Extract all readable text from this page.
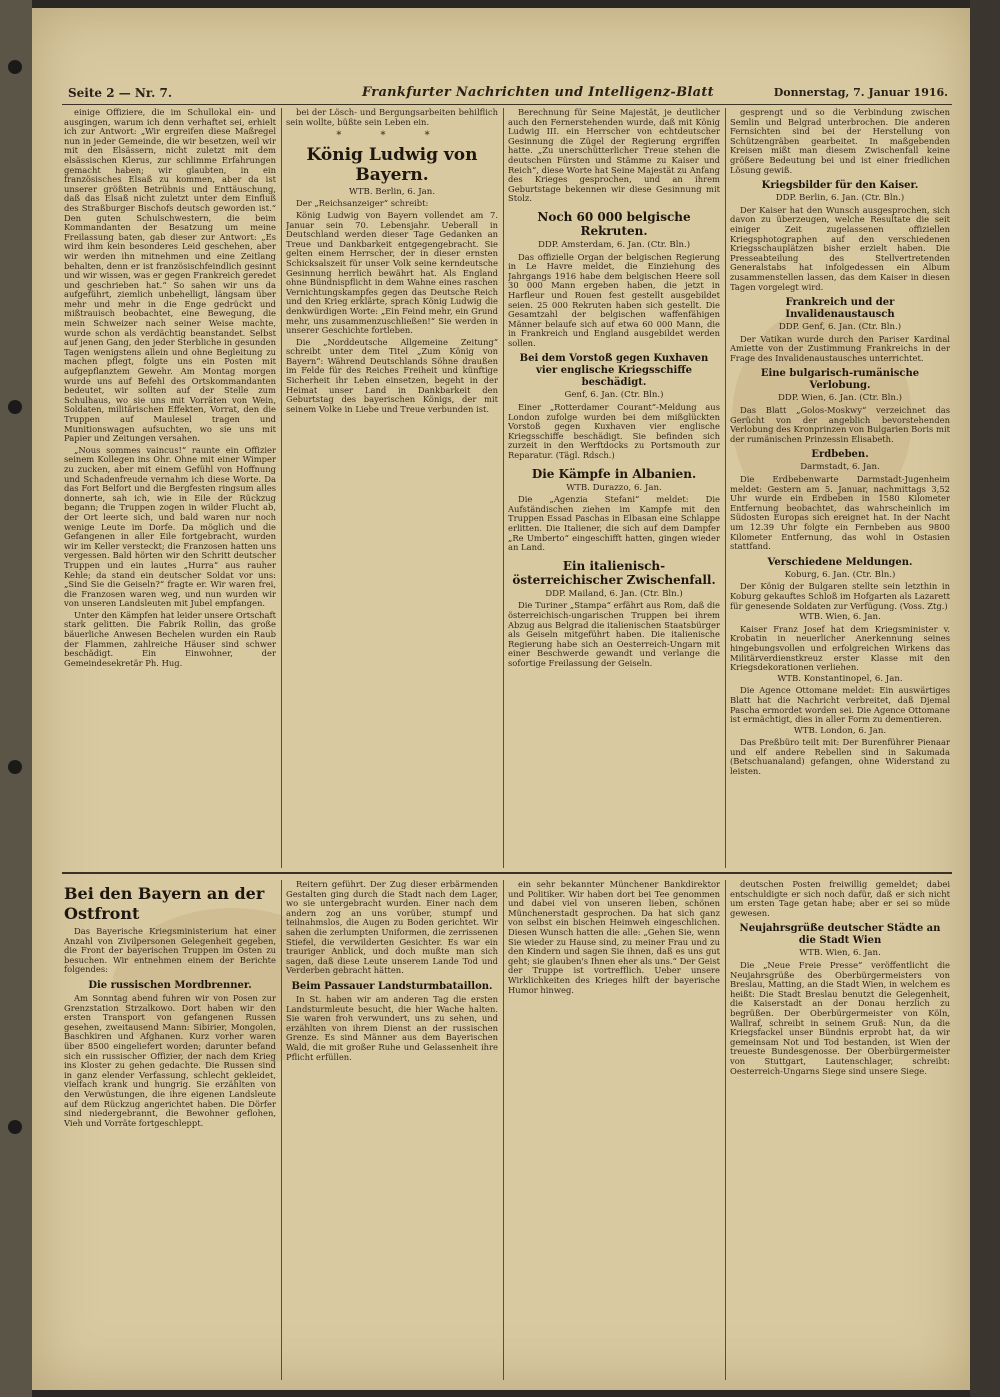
Seite 2 — Nr. 7.	Frankfurter Nachrichten und Intelligenz-Blatt	Donnerstag, 7. Januar 1916.

einige Offiziere, die im Schullokal ein- und ausgingen, warum ich denn verhaftet sei, erhielt ich zur Antwort: „Wir ergreifen diese Maßregel nun in jeder Gemeinde, die wir besetzen, weil wir mit den Elsässern, nicht zuletzt mit dem elsässischen Klerus, zur schlimme Erfahrungen gemacht haben; wir glaubten, in ein französisches Elsaß zu kommen, aber da ist unserer größten Betrübnis und Enttäuschung, daß das Elsaß nicht zuletzt unter dem Einfluß des Straßburger Bischofs deutsch geworden ist.“ Den guten Schulschwestern, die beim Kommandanten der Besatzung um meine Freilassung baten, gab dieser zur Antwort: „Es wird ihm kein besonderes Leid geschehen, aber wir werden ihn mitnehmen und eine Zeitlang behalten, denn er ist französischfeindlich gesinnt und wir wissen, was er gegen Frankreich geredet und geschrieben hat.“ So sahen wir uns da aufgeführt, ziemlich unbehelligt, längsam über mehr und mehr in die Enge gedrückt und mißtrauisch beobachtet, eine Bewegung, die mein Schweizer nach seiner Weise machte, wurde schon als verdächtig beanstandet. Selbst auf jenen Gang, den jeder Sterbliche in gesunden Tagen wenigstens allein und ohne Begleitung zu machen pflegt, folgte uns ein Posten mit aufgepflanztem Gewehr. Am Montag morgen wurde uns auf Befehl des Ortskommandanten bedeutet, wir sollten auf der Stelle zum Schulhaus, wo sie uns mit Vorräten von Wein, Soldaten, militärischen Effekten, Vorrat, den die Truppen auf Maulesel tragen und Munitionswagen aufsuchten, wo sie uns mit Papier und Zeitungen versahen.

„Nous sommes vaincus!“ raunte ein Offizier seinem Kollegen ins Ohr. Ohne mit einer Wimper zu zucken, aber mit einem Gefühl von Hoffnung und Schadenfreude vernahm ich diese Worte. Da das Fort Belfort und die Bergfesten ringsum alles donnerte, sah ich, wie in Eile der Rückzug begann; die Truppen zogen in wilder Flucht ab, der Ort leerte sich, und bald waren nur noch wenige Leute im Dorfe. Da möglich und die Gefangenen in aller Eile fortgebracht, wurden wir im Keller versteckt; die Franzosen hatten uns vergessen. Bald hörten wir den Schritt deutscher Truppen und ein lautes „Hurra“ aus rauher Kehle; da stand ein deutscher Soldat vor uns: „Sind Sie die Geiseln?“ fragte er. Wir waren frei, die Franzosen waren weg, und nun wurden wir von unseren Landsleuten mit Jubel empfangen.

Unter den Kämpfen hat leider unsere Ortschaft stark gelitten. Die Fabrik Rollin, das große bäuerliche Anwesen Bechelen wurden ein Raub der Flammen, zahlreiche Häuser sind schwer beschädigt. Ein Einwohner, der Gemeindesekretär Ph. Hug.

bei der Lösch- und Bergungsarbeiten behilflich sein wollte, büßte sein Leben ein.

* * *
König Ludwig von Bayern.
WTB. Berlin, 6. Jan.

Der „Reichsanzeiger“ schreibt:

König Ludwig von Bayern vollendet am 7. Januar sein 70. Lebensjahr. Ueberall in Deutschland werden dieser Tage Gedanken an Treue und Dankbarkeit entgegengebracht. Sie gelten einem Herrscher, der in dieser ernsten Schicksalszeit für unser Volk seine kerndeutsche Gesinnung herrlich bewährt hat. Als England ohne Bündnispflicht in dem Wahne eines raschen Vernichtungskampfes gegen das Deutsche Reich und den Krieg erklärte, sprach König Ludwig die denkwürdigen Worte: „Ein Feind mehr, ein Grund mehr, uns zusammenzuschließen!“ Sie werden in unserer Geschichte fortleben.

Die „Norddeutsche Allgemeine Zeitung“ schreibt unter dem Titel „Zum König von Bayern“: Während Deutschlands Söhne draußen im Felde für des Reiches Freiheit und künftige Sicherheit ihr Leben einsetzen, begeht in der Heimat unser Land in Dankbarkeit den Geburtstag des bayerischen Königs, der mit seinem Volke in Liebe und Treue verbunden ist.

Berechnung für Seine Majestät, je deutlicher auch den Fernerstehenden wurde, daß mit König Ludwig III. ein Herrscher von echtdeutscher Gesinnung die Zügel der Regierung ergriffen hatte. „Zu unerschütterlicher Treue stehen die deutschen Fürsten und Stämme zu Kaiser und Reich“, diese Worte hat Seine Majestät zu Anfang des Krieges gesprochen, und an ihrem Geburtstage bekennen wir diese Gesinnung mit Stolz.

Noch 60 000 belgische Rekruten.
DDP. Amsterdam, 6. Jan. (Ctr. Bln.)

Das offizielle Organ der belgischen Regierung in Le Havre meldet, die Einziehung des Jahrgangs 1916 habe dem belgischen Heere soll 30 000 Mann ergeben haben, die jetzt in Harfleur und Rouen fest gestellt ausgebildet seien. 25 000 Rekruten haben sich gestellt. Die Gesamtzahl der belgischen waffenfähigen Männer belaufe sich auf etwa 60 000 Mann, die in Frankreich und England ausgebildet werden sollen.

Bei dem Vorstoß gegen Kuxhaven vier englische Kriegsschiffe beschädigt.
Genf, 6. Jan. (Ctr. Bln.)

Einer „Rotterdamer Courant“-Meldung aus London zufolge wurden bei dem mißglückten Vorstoß gegen Kuxhaven vier englische Kriegsschiffe beschädigt. Sie befinden sich zurzeit in den Werftdocks zu Portsmouth zur Reparatur. (Tägl. Rdsch.)

Die Kämpfe in Albanien.
WTB. Durazzo, 6. Jan.

Die „Agenzia Stefani“ meldet: Die Aufständischen ziehen im Kampfe mit den Truppen Essad Paschas in Elbasan eine Schlappe erlitten. Die Italiener, die sich auf dem Dampfer „Re Umberto“ eingeschifft hatten, gingen wieder an Land.

Ein italienisch-österreichischer Zwischenfall.
DDP. Mailand, 6. Jan. (Ctr. Bln.)

Die Turiner „Stampa“ erfährt aus Rom, daß die österreichisch-ungarischen Truppen bei ihrem Abzug aus Belgrad die italienischen Staatsbürger als Geiseln mitgeführt haben. Die italienische Regierung habe sich an Oesterreich-Ungarn mit einer Beschwerde gewandt und verlange die sofortige Freilassung der Geiseln.

gesprengt und so die Verbindung zwischen Semlin und Belgrad unterbrochen. Die anderen Fernsichten sind bei der Herstellung von Schützengräben gearbeitet. In maßgebenden Kreisen mißt man diesem Zwischenfall keine größere Bedeutung bei und ist einer friedlichen Lösung gewiß.

Kriegsbilder für den Kaiser.
DDP. Berlin, 6. Jan. (Ctr. Bln.)

Der Kaiser hat den Wunsch ausgesprochen, sich davon zu überzeugen, welche Resultate die seit einiger Zeit zugelassenen offiziellen Kriegsphotographen auf den verschiedenen Kriegsschauplätzen bisher erzielt haben. Die Presseabteilung des Stellvertretenden Generalstabs hat infolgedessen ein Album zusammenstellen lassen, das dem Kaiser in diesen Tagen vorgelegt wird.

Frankreich und der Invalidenaustausch
DDP. Genf, 6. Jan. (Ctr. Bln.)

Der Vatikan wurde durch den Pariser Kardinal Amiette von der Zustimmung Frankreichs in der Frage des Invalidenaustausches unterrichtet.

Eine bulgarisch-rumänische Verlobung.
DDP. Wien, 6. Jan. (Ctr. Bln.)

Das Blatt „Golos-Moskwy“ verzeichnet das Gerücht von der angeblich bevorstehenden Verlobung des Kronprinzen von Bulgarien Boris mit der rumänischen Prinzessin Elisabeth.

Erdbeben.
Darmstadt, 6. Jan.

Die Erdbebenwarte Darmstadt-Jugenheim meldet: Gestern am 5. Januar, nachmittags 3,52 Uhr wurde ein Erdbeben in 1580 Kilometer Entfernung beobachtet, das wahrscheinlich im Südosten Europas sich ereignet hat. In der Nacht um 12.39 Uhr folgte ein Fernbeben aus 9800 Kilometer Entfernung, das wohl in Ostasien stattfand.

Verschiedene Meldungen.
Koburg, 6. Jan. (Ctr. Bln.)

Der König der Bulgaren stellte sein letzthin in Koburg gekauftes Schloß im Hofgarten als Lazarett für genesende Soldaten zur Verfügung. (Voss. Ztg.)

WTB. Wien, 6. Jan.

Kaiser Franz Josef hat dem Kriegsminister v. Krobatin in neuerlicher Anerkennung seines hingebungsvollen und erfolgreichen Wirkens das Militärverdienstkreuz erster Klasse mit den Kriegsdekorationen verliehen.

WTB. Konstantinopel, 6. Jan.

Die Agence Ottomane meldet: Ein auswärtiges Blatt hat die Nachricht verbreitet, daß Djemal Pascha ermordet worden sei. Die Agence Ottomane ist ermächtigt, dies in aller Form zu dementieren.

WTB. London, 6. Jan.

Das Preßbüro teilt mit: Der Burenführer Pienaar und elf andere Rebellen sind in Sakumada (Betschuanaland) gefangen, ohne Widerstand zu leisten.

Bei den Bayern an der Ostfront

Das Bayerische Kriegsministerium hat einer Anzahl von Zivilpersonen Gelegenheit gegeben, die Front der bayerischen Truppen im Osten zu besuchen. Wir entnehmen einem der Berichte folgendes:

Die russischen Mordbrenner.

Am Sonntag abend fuhren wir von Posen zur Grenzstation Strzalkowo. Dort haben wir den ersten Transport von gefangenen Russen gesehen, zweitausend Mann: Sibirier, Mongolen, Baschkiren und Afghanen. Kurz vorher waren über 8500 eingeliefert worden; darunter befand sich ein russischer Offizier, der nach dem Krieg ins Kloster zu gehen gedachte. Die Russen sind in ganz elender Verfassung, schlecht gekleidet, vielfach krank und hungrig. Sie erzählten von den Verwüstungen, die ihre eigenen Landsleute auf dem Rückzug angerichtet haben. Die Dörfer sind niedergebrannt, die Bewohner geflohen, Vieh und Vorräte fortgeschleppt.

Reitern geführt. Der Zug dieser erbärmenden Gestalten ging durch die Stadt nach dem Lager, wo sie untergebracht wurden. Einer nach dem andern zog an uns vorüber, stumpf und teilnahmslos, die Augen zu Boden gerichtet. Wir sahen die zerlumpten Uniformen, die zerrissenen Stiefel, die verwilderten Gesichter. Es war ein trauriger Anblick, und doch mußte man sich sagen, daß diese Leute unserem Lande Tod und Verderben gebracht hätten.

Beim Passauer Landsturmbataillon.

In St. haben wir am anderen Tag die ersten Landsturmleute besucht, die hier Wache halten. Sie waren froh verwundert, uns zu sehen, und erzählten von ihrem Dienst an der russischen Grenze. Es sind Männer aus dem Bayerischen Wald, die mit großer Ruhe und Gelassenheit ihre Pflicht erfüllen.

ein sehr bekannter Münchener Bankdirektor und Politiker. Wir haben dort bei Tee genommen und dabei viel von unseren lieben, schönen Münchenerstadt gesprochen. Da hat sich ganz von selbst ein bischen Heimweh eingeschlichen. Diesen Wunsch hatten die alle: „Gehen Sie, wenn Sie wieder zu Hause sind, zu meiner Frau und zu den Kindern und sagen Sie ihnen, daß es uns gut geht; sie glauben's Ihnen eher als uns.“ Der Geist der Truppe ist vortrefflich. Ueber unsere Wirklichkeiten des Krieges hilft der bayerische Humor hinweg.

deutschen Posten freiwillig gemeldet; dabei entschuldigte er sich noch dafür, daß er sich nicht um ersten Tage getan habe; aber er sei so müde gewesen.

Neujahrsgrüße deutscher Städte an die Stadt Wien
WTB. Wien, 6. Jan.

Die „Neue Freie Presse“ veröffentlicht die Neujahrsgrüße des Oberbürgermeisters von Breslau, Matting, an die Stadt Wien, in welchem es heißt: Die Stadt Breslau benutzt die Gelegenheit, die Kaiserstadt an der Donau herzlich zu begrüßen. Der Oberbürgermeister von Köln, Wallraf, schreibt in seinem Gruß: Nun, da die Kriegsfackel unser Bündnis erprobt hat, da wir gemeinsam Not und Tod bestanden, ist Wien der treueste Bundesgenosse. Der Oberbürgermeister von Stuttgart, Lautenschlager, schreibt: Oesterreich-Ungarns Siege sind unsere Siege.
